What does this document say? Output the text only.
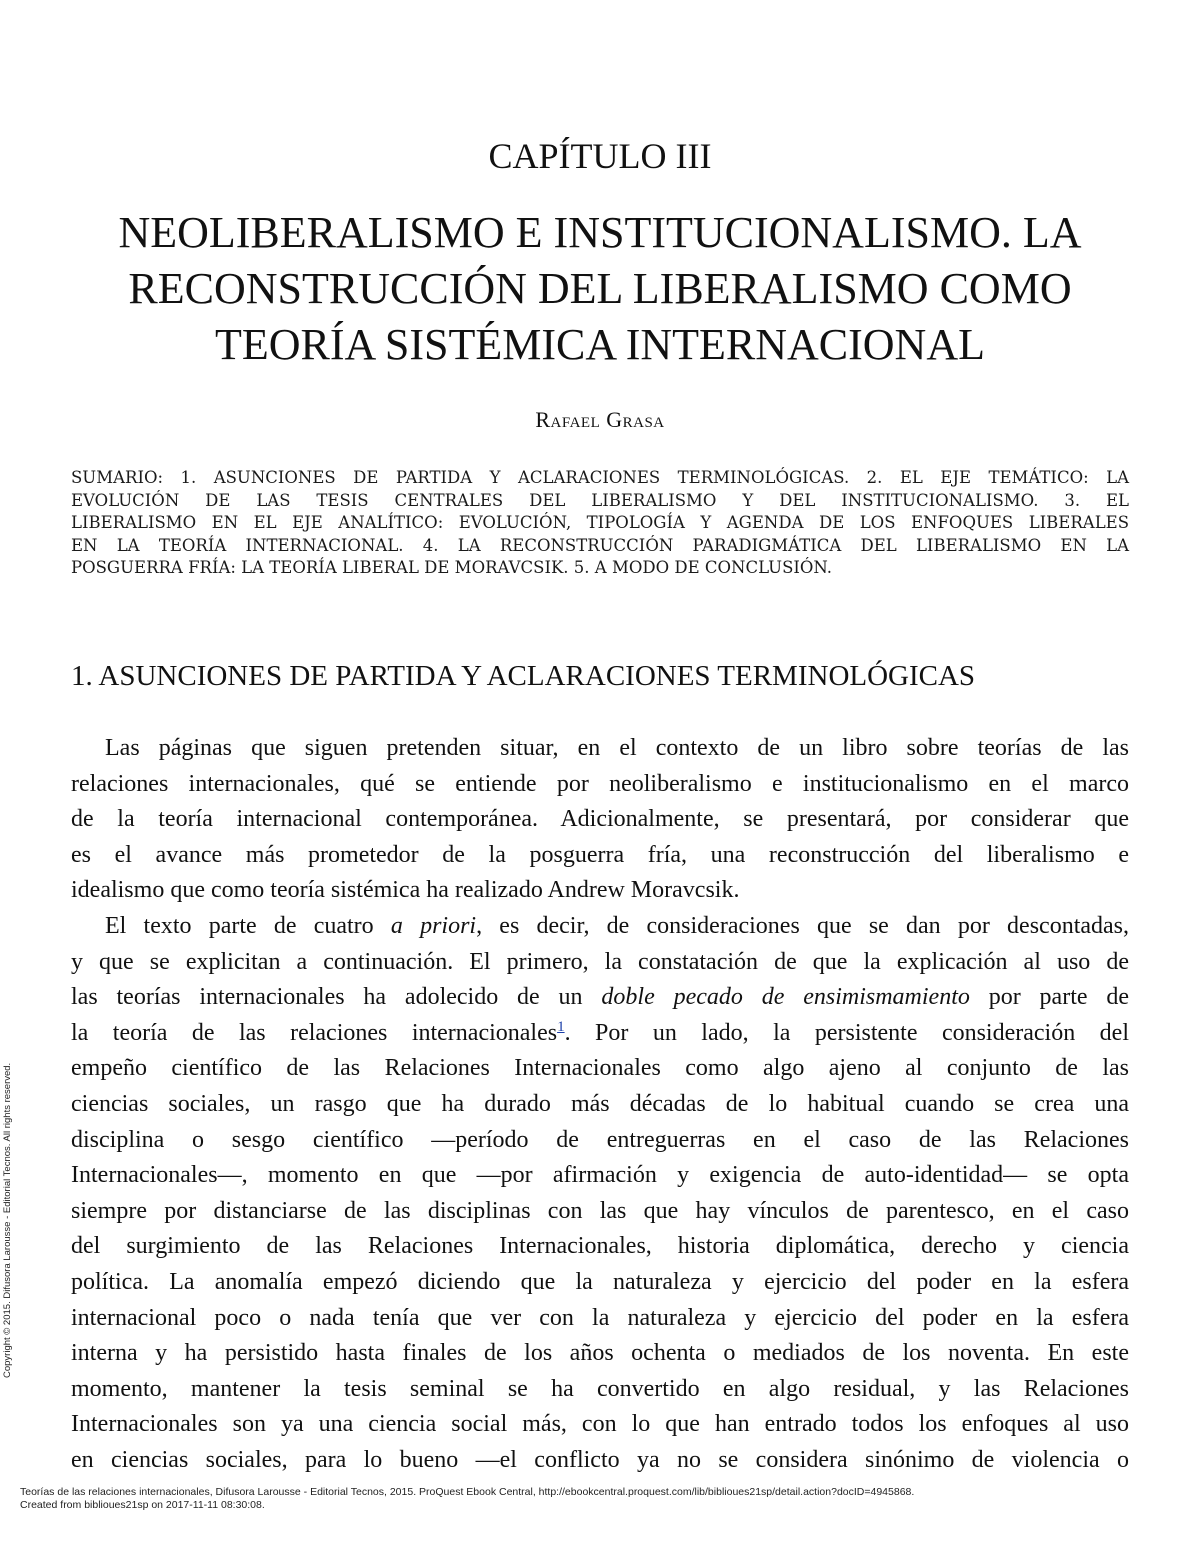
CAPÍTULO III
NEOLIBERALISMO E INSTITUCIONALISMO. LA
RECONSTRUCCIÓN DEL LIBERALISMO COMO
TEORÍA SISTÉMICA INTERNACIONAL
Rafael Grasa
SUMARIO: 1. ASUNCIONES DE PARTIDA Y ACLARACIONES TERMINOLÓGICAS. 2. EL EJE TEMÁTICO: LA
EVOLUCIÓN DE LAS TESIS CENTRALES DEL LIBERALISMO Y DEL INSTITUCIONALISMO. 3. EL
LIBERALISMO EN EL EJE ANALÍTICO: EVOLUCIÓN, TIPOLOGÍA Y AGENDA DE LOS ENFOQUES LIBERALES
EN LA TEORÍA INTERNACIONAL. 4. LA RECONSTRUCCIÓN PARADIGMÁTICA DEL LIBERALISMO EN LA
POSGUERRA FRÍA: LA TEORÍA LIBERAL DE MORAVCSIK. 5. A MODO DE CONCLUSIÓN.
1. ASUNCIONES DE PARTIDA Y ACLARACIONES TERMINOLÓGICAS
Las páginas que siguen pretenden situar, en el contexto de un libro sobre teorías de las
relaciones internacionales, qué se entiende por neoliberalismo e institucionalismo en el marco
de la teoría internacional contemporánea. Adicionalmente, se presentará, por considerar que
es el avance más prometedor de la posguerra fría, una reconstrucción del liberalismo e
idealismo que como teoría sistémica ha realizado Andrew Moravcsik.
El texto parte de cuatro a priori, es decir, de consideraciones que se dan por descontadas,
y que se explicitan a continuación. El primero, la constatación de que la explicación al uso de
las teorías internacionales ha adolecido de un doble pecado de ensimismamiento por parte de
la teoría de las relaciones internacionales$^1$. Por un lado, la persistente consideración del
empeño científico de las Relaciones Internacionales como algo ajeno al conjunto de las
ciencias sociales, un rasgo que ha durado más décadas de lo habitual cuando se crea una
disciplina o sesgo científico —período de entreguerras en el caso de las Relaciones
Internacionales—, momento en que —por afirmación y exigencia de auto-identidad— se opta
siempre por distanciarse de las disciplinas con las que hay vínculos de parentesco, en el caso
del surgimiento de las Relaciones Internacionales, historia diplomática, derecho y ciencia
política. La anomalía empezó diciendo que la naturaleza y ejercicio del poder en la esfera
internacional poco o nada tenía que ver con la naturaleza y ejercicio del poder en la esfera
interna y ha persistido hasta finales de los años ochenta o mediados de los noventa. En este
momento, mantener la tesis seminal se ha convertido en algo residual, y las Relaciones
Internacionales son ya una ciencia social más, con lo que han entrado todos los enfoques al uso
en ciencias sociales, para lo bueno —el conflicto ya no se considera sinónimo de violencia o
Copyright © 2015. Difusora Larousse - Editorial Tecnos. All rights reserved.
Teorías de las relaciones internacionales, Difusora Larousse - Editorial Tecnos, 2015. ProQuest Ebook Central, http://ebookcentral.proquest.com/lib/biblioues21sp/detail.action?docID=4945868.
Created from biblioues21sp on 2017-11-11 08:30:08.
